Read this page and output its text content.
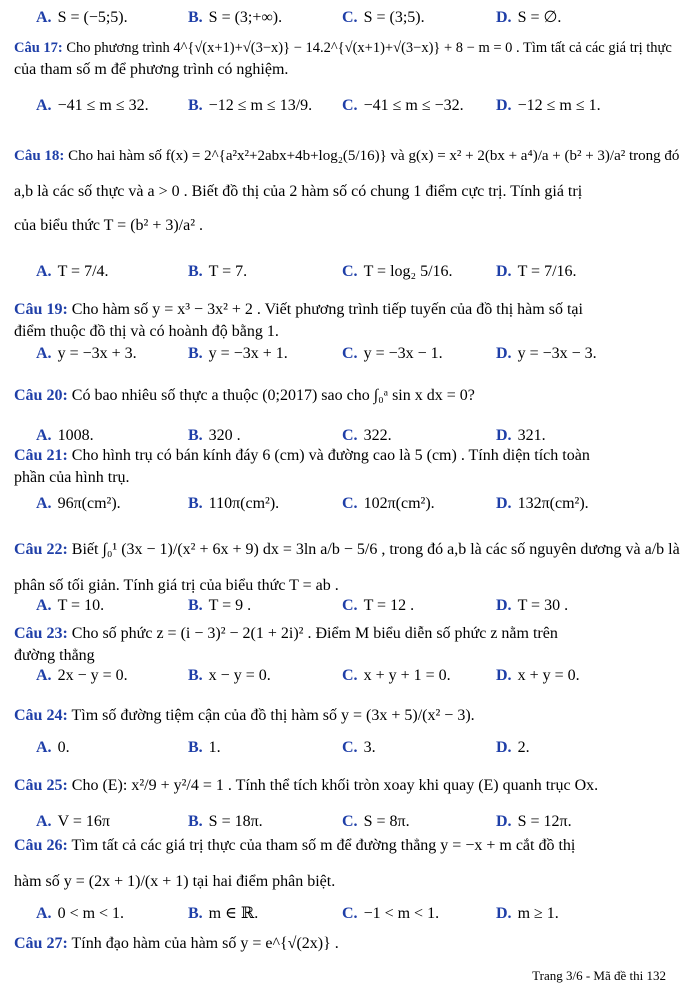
A. S = (−5;5).	B. S = (3;+∞).	C. S = (3;5).	D. S = ∅.
Câu 17: Cho phương trình 4^{√(x+1)+√(3−x)} − 14.2^{√(x+1)+√(3−x)} + 8 − m = 0 . Tìm tất cả các giá trị thực
của tham số m để phương trình có nghiệm.
A. −41 ≤ m ≤ 32. B. −12 ≤ m ≤ 13/9. C. −41 ≤ m ≤ −32. D. −12 ≤ m ≤ 1.
Câu 18: Cho hai hàm số f(x) = 2^{a²x²+2abx+4b+log₂(5/16)} và g(x) = x² + 2(bx + a⁴)/a + (b² + 3)/a² trong đó
a,b là các số thực và a > 0 . Biết đồ thị của 2 hàm số có chung 1 điểm cực trị. Tính giá trị
của biểu thức T = (b² + 3)/a² .
A. T = 7/4.	B. T = 7.	C. T = log₂ 5/16.	D. T = 7/16.
Câu 19: Cho hàm số y = x³ − 3x² + 2 . Viết phương trình tiếp tuyến của đồ thị hàm số tại
điểm thuộc đồ thị và có hoành độ bằng 1.
A. y = −3x + 3.	B. y = −3x + 1.	C. y = −3x − 1.	D. y = −3x − 3.
Câu 20: Có bao nhiêu số thực a thuộc (0;2017) sao cho ∫₀ᵃ sin x dx = 0?
A. 1008.	B. 320 .	C. 322.	D. 321.
Câu 21: Cho hình trụ có bán kính đáy 6 (cm) và đường cao là 5 (cm) . Tính diện tích toàn
phần của hình trụ.
A. 96π(cm²).	B. 110π(cm²).	C. 102π(cm²).	D. 132π(cm²).
Câu 22: Biết ∫₀¹ (3x − 1)/(x² + 6x + 9) dx = 3ln a/b − 5/6 , trong đó a,b là các số nguyên dương và a/b là
phân số tối giản. Tính giá trị của biểu thức T = ab .
A. T = 10.	B. T = 9 .	C. T = 12 .	D. T = 30 .
Câu 23: Cho số phức z = (i − 3)² − 2(1 + 2i)² . Điểm M biểu diễn số phức z nằm trên
đường thẳng
A. 2x − y = 0.	B. x − y = 0.	C. x + y + 1 = 0.	D. x + y = 0.
Câu 24: Tìm số đường tiệm cận của đồ thị hàm số y = (3x + 5)/(x² − 3).
A. 0.	B. 1.	C. 3.	D. 2.
Câu 25: Cho (E): x²/9 + y²/4 = 1 . Tính thể tích khối tròn xoay khi quay (E) quanh trục Ox.
A. V = 16π	B. S = 18π.	C. S = 8π.	D. S = 12π.
Câu 26: Tìm tất cả các giá trị thực của tham số m để đường thẳng y = −x + m cắt đồ thị
hàm số y = (2x + 1)/(x + 1) tại hai điểm phân biệt.
A. 0 < m < 1.	B. m ∈ ℝ.	C. −1 < m < 1.	D. m ≥ 1.
Câu 27: Tính đạo hàm của hàm số y = e^{√(2x)} .
Trang 3/6 - Mã đề thi 132
